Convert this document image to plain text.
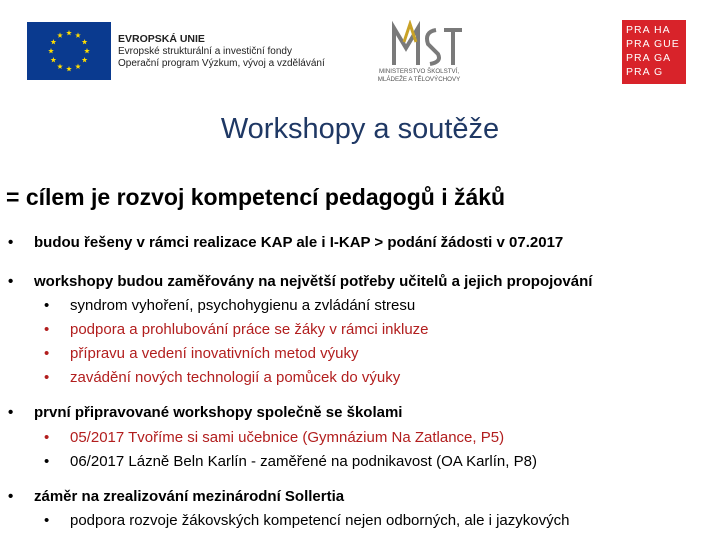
EVROPSKÁ UNIE
Evropské strukturální a investiční fondy
Operační program Výzkum, vývoj a vzdělávání
MINISTERSTVO ŠKOLSTVÍ,
MLÁDEŽE A TĚLOVÝCHOVY
PRA HA
PRA GUE
PRA GA
PRA G
Workshopy a soutěže
= cílem je rozvoj kompetencí pedagogů i žáků
• budou řešeny v rámci realizace KAP ale i I-KAP > podání žádosti v 07.2017
• workshopy budou zaměřovány na největší potřeby učitelů a jejich propojování
• syndrom vyhoření, psychohygienu a zvládání stresu
• podpora a prohlubování práce se žáky v rámci inkluze
• přípravu a vedení inovativních metod výuky
• zavádění nových technologií a pomůcek do výuky
• první připravované workshopy společně se školami
• 05/2017 Tvoříme si sami učebnice (Gymnázium Na Zatlance, P5)
• 06/2017 Lázně Beln Karlín - zaměřené na podnikavost (OA Karlín, P8)
• záměr na zrealizování mezinárodní Sollertia
• podpora rozvoje žákovských kompetencí nejen odborných, ale i jazykových
